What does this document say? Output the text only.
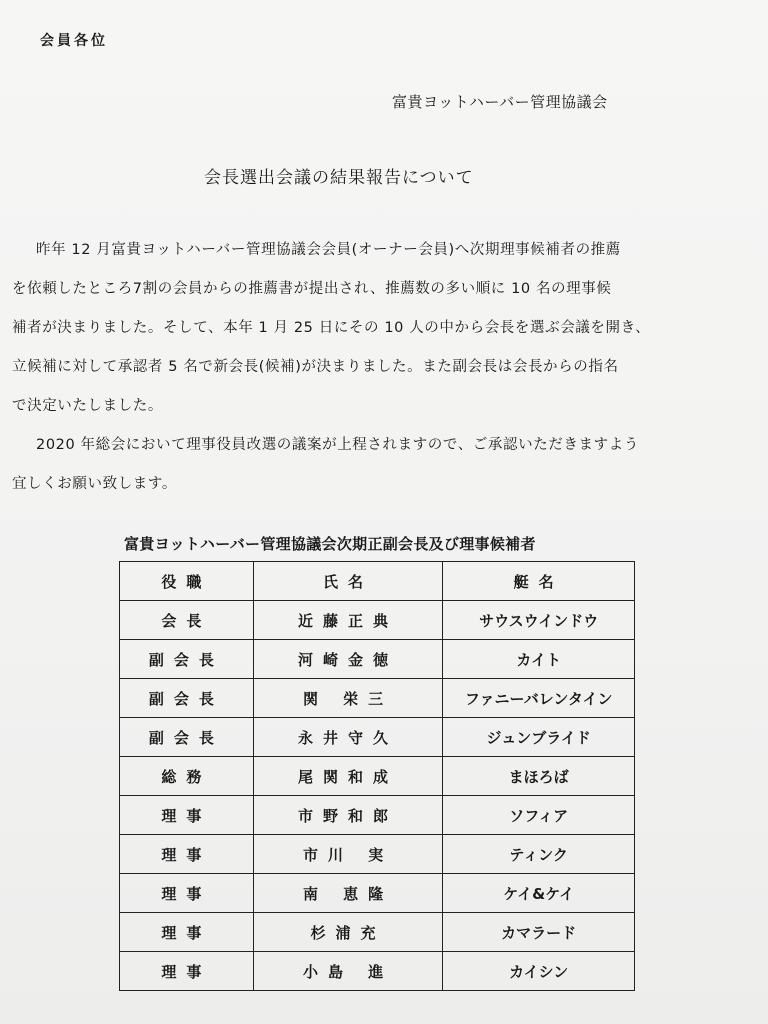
会員各位
富貴ヨットハーバー管理協議会
会長選出会議の結果報告について

昨年 12 月富貴ヨットハーバー管理協議会会員(オーナー会員)へ次期理事候補者の推薦

を依頼したところ7割の会員からの推薦書が提出され、推薦数の多い順に 10 名の理事候

補者が決まりました。そして、本年 1 月 25 日にその 10 人の中から会長を選ぶ会議を開き、

立候補に対して承認者 5 名で新会長(候補)が決まりました。また副会長は会長からの指名

で決定いたしました。

2020 年総会において理事役員改選の議案が上程されますので、ご承認いただきますよう

宜しくお願い致します。

富貴ヨットハーバー管理協議会次期正副会長及び理事候補者
役職	氏名	艇名
会長	近藤正典	サウスウインドウ
副会長	河崎金徳	カイト
副会長	関 栄三	ファニーバレンタイン
副会長	永井守久	ジュンブライド
総務	尾関和成	まほろば
理事	市野和郎	ソフィア
理事	市川 実	ティンク
理事	南 恵隆	ケイ&ケイ
理事	杉浦充	カマラード
理事	小島 進	カイシン
